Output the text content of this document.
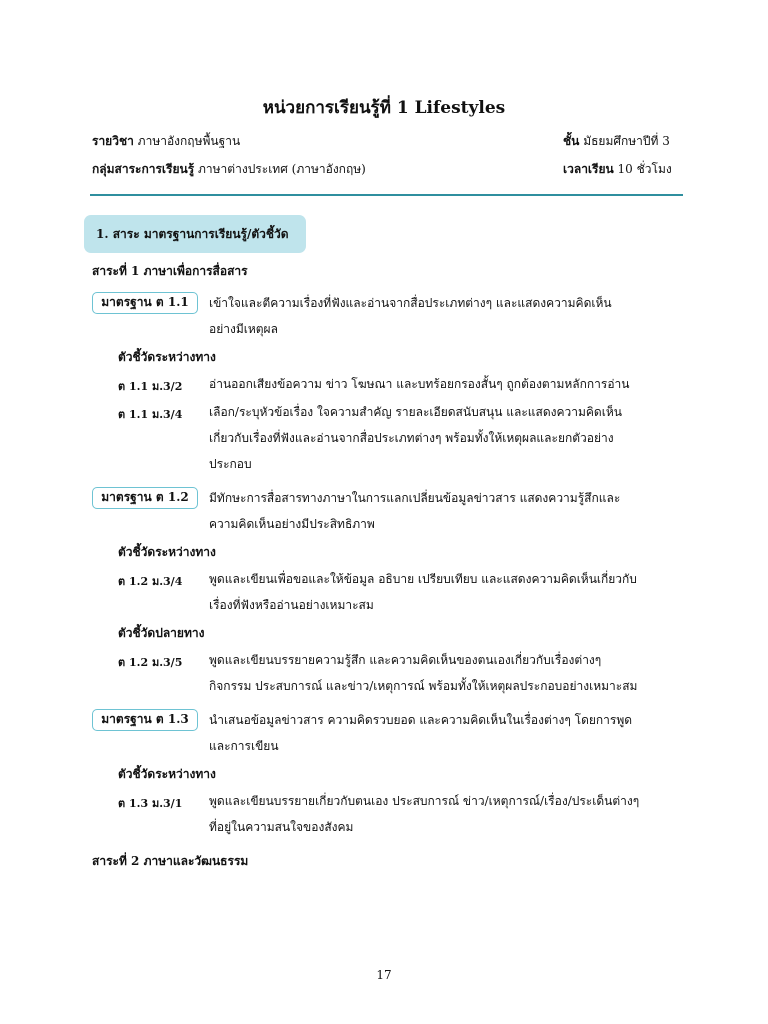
หน่วยการเรียนรู้ที่ 1 Lifestyles
รายวิชา ภาษาอังกฤษพื้นฐาน	ชั้น มัธยมศึกษาปีที่ 3
กลุ่มสาระการเรียนรู้ ภาษาต่างประเทศ (ภาษาอังกฤษ)	เวลาเรียน 10 ชั่วโมง
1. สาระ มาตรฐานการเรียนรู้/ตัวชี้วัด
สาระที่ 1 ภาษาเพื่อการสื่อสาร
มาตรฐาน ต 1.1	เข้าใจและตีความเรื่องที่ฟังและอ่านจากสื่อประเภทต่างๆ และแสดงความคิดเห็น
อย่างมีเหตุผล
ตัวชี้วัดระหว่างทาง
ต 1.1 ม.3/2 อ่านออกเสียงข้อความ ข่าว โฆษณา และบทร้อยกรองสั้นๆ ถูกต้องตามหลักการอ่าน
ต 1.1 ม.3/4 เลือก/ระบุหัวข้อเรื่อง ใจความสำคัญ รายละเอียดสนับสนุน และแสดงความคิดเห็น
เกี่ยวกับเรื่องที่ฟังและอ่านจากสื่อประเภทต่างๆ พร้อมทั้งให้เหตุผลและยกตัวอย่าง
ประกอบ
มาตรฐาน ต 1.2	มีทักษะการสื่อสารทางภาษาในการแลกเปลี่ยนข้อมูลข่าวสาร แสดงความรู้สึกและ
ความคิดเห็นอย่างมีประสิทธิภาพ
ตัวชี้วัดระหว่างทาง
ต 1.2 ม.3/4 พูดและเขียนเพื่อขอและให้ข้อมูล อธิบาย เปรียบเทียบ และแสดงความคิดเห็นเกี่ยวกับ
เรื่องที่ฟังหรืออ่านอย่างเหมาะสม
ตัวชี้วัดปลายทาง
ต 1.2 ม.3/5 พูดและเขียนบรรยายความรู้สึก และความคิดเห็นของตนเองเกี่ยวกับเรื่องต่างๆ
กิจกรรม ประสบการณ์ และข่าว/เหตุการณ์ พร้อมทั้งให้เหตุผลประกอบอย่างเหมาะสม
มาตรฐาน ต 1.3	นำเสนอข้อมูลข่าวสาร ความคิดรวบยอด และความคิดเห็นในเรื่องต่างๆ โดยการพูด
และการเขียน
ตัวชี้วัดระหว่างทาง
ต 1.3 ม.3/1 พูดและเขียนบรรยายเกี่ยวกับตนเอง ประสบการณ์ ข่าว/เหตุการณ์/เรื่อง/ประเด็นต่างๆ
ที่อยู่ในความสนใจของสังคม
สาระที่ 2 ภาษาและวัฒนธรรม
17
